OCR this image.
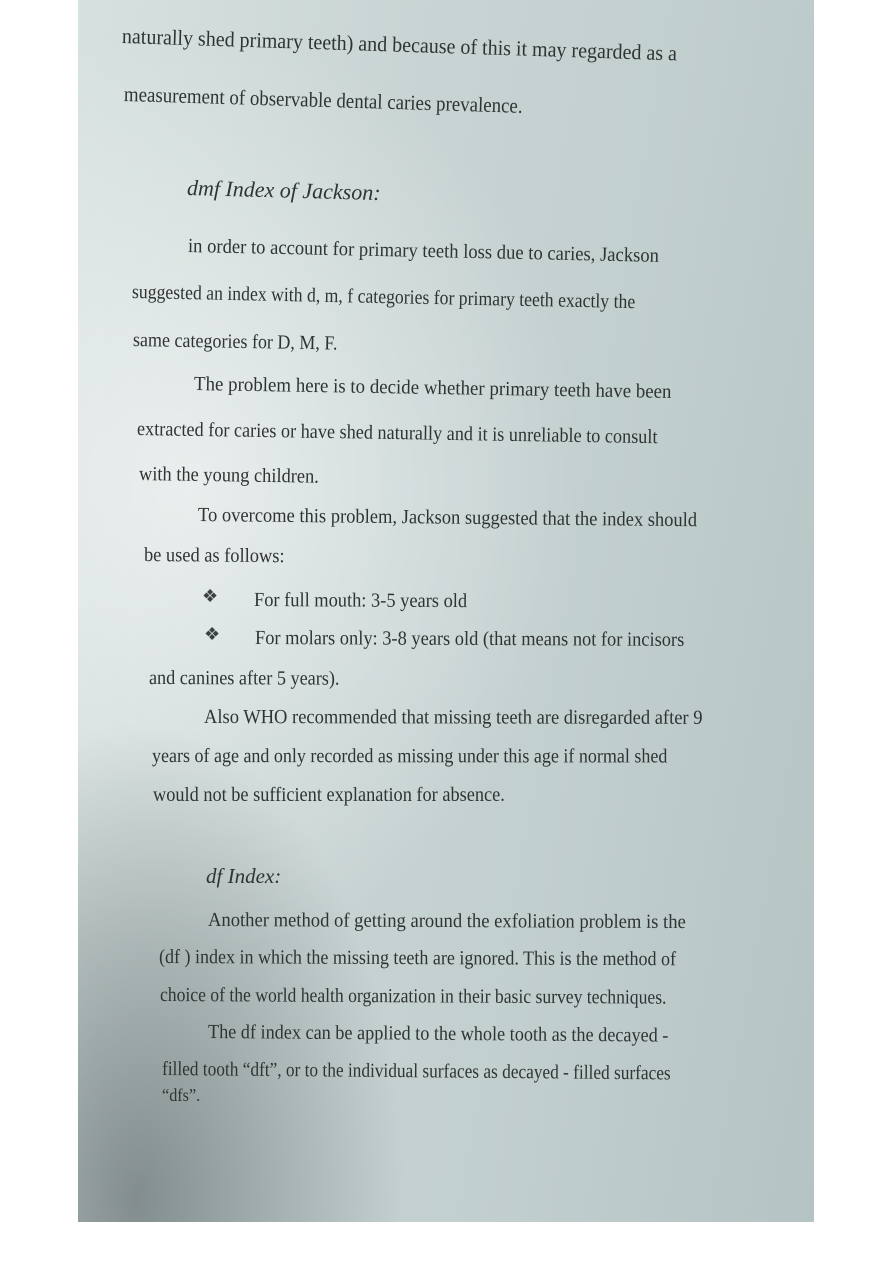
naturally shed primary teeth) and because of this it may regarded as a

measurement of observable dental caries prevalence.

dmf Index of Jackson:

in order to account for primary teeth loss due to caries, Jackson

suggested an index with d, m, f categories for primary teeth exactly the

same categories for D, M, F.

The problem here is to decide whether primary teeth have been

extracted for caries or have shed naturally and it is unreliable to consult

with the young children.

To overcome this problem, Jackson suggested that the index should

be used as follows:

❖ For full mouth: 3-5 years old

❖ For molars only: 3-8 years old (that means not for incisors

and canines after 5 years).

Also WHO recommended that missing teeth are disregarded after 9

years of age and only recorded as missing under this age if normal shed

would not be sufficient explanation for absence.

df Index:

Another method of getting around the exfoliation problem is the

(df ) index in which the missing teeth are ignored. This is the method of

choice of the world health organization in their basic survey techniques.

The df index can be applied to the whole tooth as the decayed -

filled tooth “dft”, or to the individual surfaces as decayed - filled surfaces

“dfs”.
